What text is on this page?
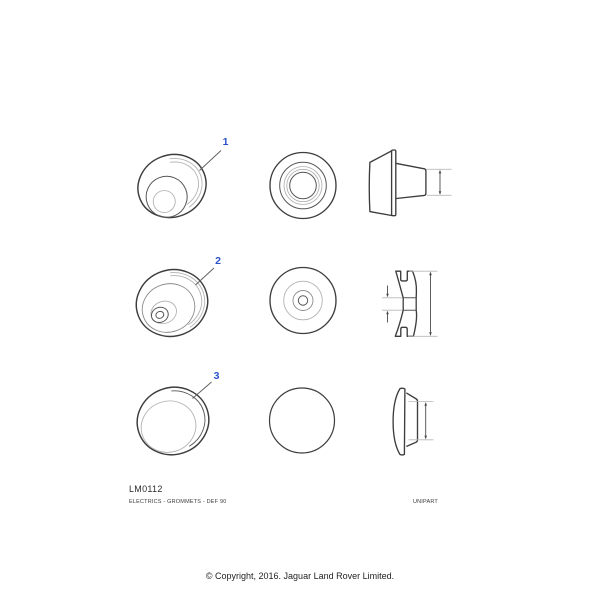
1
2
3
LM0112
ELECTRICS - GROMMETS - DEF 90	UNIPART
© Copyright, 2016. Jaguar Land Rover Limited.
